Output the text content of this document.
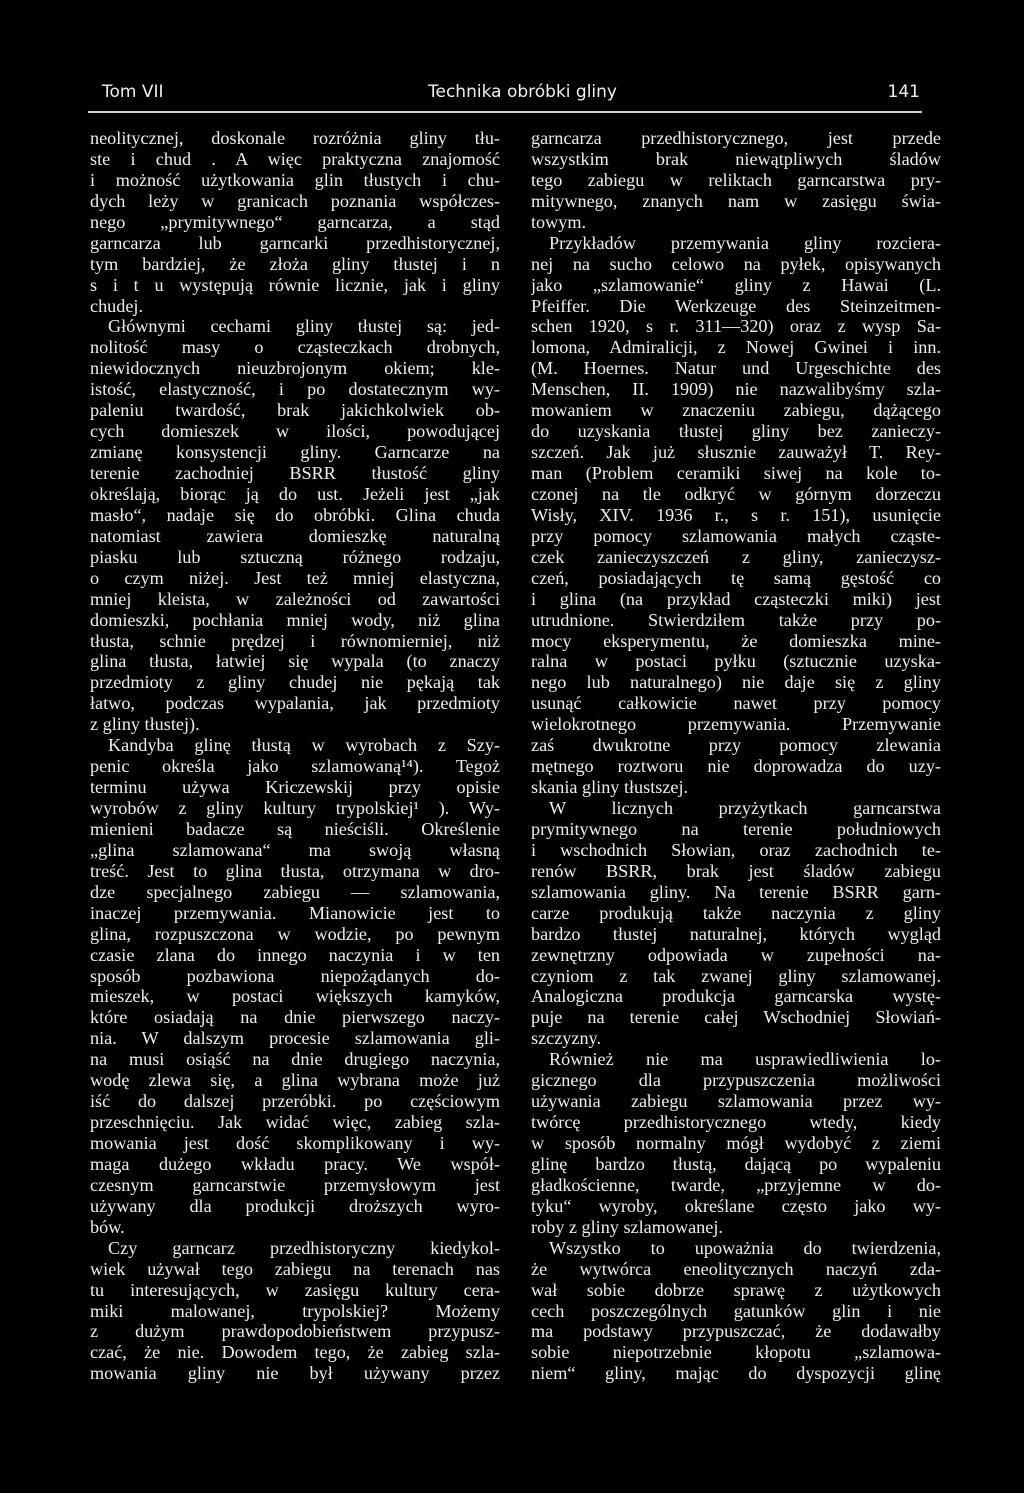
Tom VII	Technika obróbki gliny	141
neolitycznej, doskonale rozróżnia gliny tłu-
ste i chud . A więc praktyczna znajomość
i możność użytkowania glin tłustych i chu-
dych leży w granicach poznania współczes-
nego „prymitywnego“ garncarza, a stąd
garncarza lub garncarki przedhistorycznej,
tym bardziej, że złoża gliny tłustej i n
s i t u występują równie licznie, jak i gliny
chudej.
Głównymi cechami gliny tłustej są: jed-
nolitość masy o cząsteczkach drobnych,
niewidocznych nieuzbrojonym okiem; kle-
istość, elastyczność, i po dostatecznym wy-
paleniu twardość, brak jakichkolwiek ob-
cych domieszek w ilości, powodującej
zmianę konsystencji gliny. Garncarze na
terenie zachodniej BSRR tłustość gliny
określają, biorąc ją do ust. Jeżeli jest „jak
masło“, nadaje się do obróbki. Glina chuda
natomiast zawiera domieszkę naturalną
piasku lub sztuczną różnego rodzaju,
o czym niżej. Jest też mniej elastyczna,
mniej kleista, w zależności od zawartości
domieszki, pochłania mniej wody, niż glina
tłusta, schnie prędzej i równomierniej, niż
glina tłusta, łatwiej się wypala (to znaczy
przedmioty z gliny chudej nie pękają tak
łatwo, podczas wypalania, jak przedmioty
z gliny tłustej).
Kandyba glinę tłustą w wyrobach z Szy-
penic określa jako szlamowaną¹⁴). Tegoż
terminu używa Kriczewskij przy opisie
wyrobów z gliny kultury trypolskiej¹ ). Wy-
mienieni badacze są nieściśli. Określenie
„glina szlamowana“ ma swoją własną
treść. Jest to glina tłusta, otrzymana w dro-
dze specjalnego zabiegu — szlamowania,
inaczej przemywania. Mianowicie jest to
glina, rozpuszczona w wodzie, po pewnym
czasie zlana do innego naczynia i w ten
sposób pozbawiona niepożądanych do-
mieszek, w postaci większych kamyków,
które osiadają na dnie pierwszego naczy-
nia. W dalszym procesie szlamowania gli-
na musi osiąść na dnie drugiego naczynia,
wodę zlewa się, a glina wybrana może już
iść do dalszej przeróbki. po częściowym
przeschnięciu. Jak widać więc, zabieg szla-
mowania jest dość skomplikowany i wy-
maga dużego wkładu pracy. We współ-
czesnym garncarstwie przemysłowym jest
używany dla produkcji droższych wyro-
bów.
Czy garncarz przedhistoryczny kiedykol-
wiek używał tego zabiegu na terenach nas
tu interesujących, w zasięgu kultury cera-
miki malowanej, trypolskiej? Możemy
z dużym prawdopodobieństwem przypusz-
czać, że nie. Dowodem tego, że zabieg szla-
mowania gliny nie był używany przez
garncarza przedhistorycznego, jest przede
wszystkim brak niewątpliwych śladów
tego zabiegu w reliktach garncarstwa pry-
mitywnego, znanych nam w zasięgu świa-
towym.
Przykładów przemywania gliny rozciera-
nej na sucho celowo na pyłek, opisywanych
jako „szlamowanie“ gliny z Hawai (L.
Pfeiffer. Die Werkzeuge des Steinzeitmen-
schen 1920, s r. 311—320) oraz z wysp Sa-
lomona, Admiralicji, z Nowej Gwinei i inn.
(M. Hoernes. Natur und Urgeschichte des
Menschen, II. 1909) nie nazwalibyśmy szla-
mowaniem w znaczeniu zabiegu, dążącego
do uzyskania tłustej gliny bez zanieczy-
szczeń. Jak już słusznie zauważył T. Rey-
man (Problem ceramiki siwej na kole to-
czonej na tle odkryć w górnym dorzeczu
Wisły, XIV. 1936 r., s r. 151), usunięcie
przy pomocy szlamowania małych cząste-
czek zanieczyszczeń z gliny, zanieczysz-
czeń, posiadających tę samą gęstość co
i glina (na przykład cząsteczki miki) jest
utrudnione. Stwierdziłem także przy po-
mocy eksperymentu, że domieszka mine-
ralna w postaci pyłku (sztucznie uzyska-
nego lub naturalnego) nie daje się z gliny
usunąć całkowicie nawet przy pomocy
wielokrotnego przemywania. Przemywanie
zaś dwukrotne przy pomocy zlewania
mętnego roztworu nie doprowadza do uzy-
skania gliny tłustszej.
W licznych przyżytkach garncarstwa
prymitywnego na terenie południowych
i wschodnich Słowian, oraz zachodnich te-
renów BSRR, brak jest śladów zabiegu
szlamowania gliny. Na terenie BSRR garn-
carze produkują także naczynia z gliny
bardzo tłustej naturalnej, których wygląd
zewnętrzny odpowiada w zupełności na-
czyniom z tak zwanej gliny szlamowanej.
Analogiczna produkcja garncarska wystę-
puje na terenie całej Wschodniej Słowiań-
szczyzny.
Również nie ma usprawiedliwienia lo-
gicznego dla przypuszczenia możliwości
używania zabiegu szlamowania przez wy-
twórcę przedhistorycznego wtedy, kiedy
w sposób normalny mógł wydobyć z ziemi
glinę bardzo tłustą, dającą po wypaleniu
gładkościenne, twarde, „przyjemne w do-
tyku“ wyroby, określane często jako wy-
roby z gliny szlamowanej.
Wszystko to upoważnia do twierdzenia,
że wytwórca eneolitycznych naczyń zda-
wał sobie dobrze sprawę z użytkowych
cech poszczególnych gatunków glin i nie
ma podstawy przypuszczać, że dodawałby
sobie niepotrzebnie kłopotu „szlamowa-
niem“ gliny, mając do dyspozycji glinę
